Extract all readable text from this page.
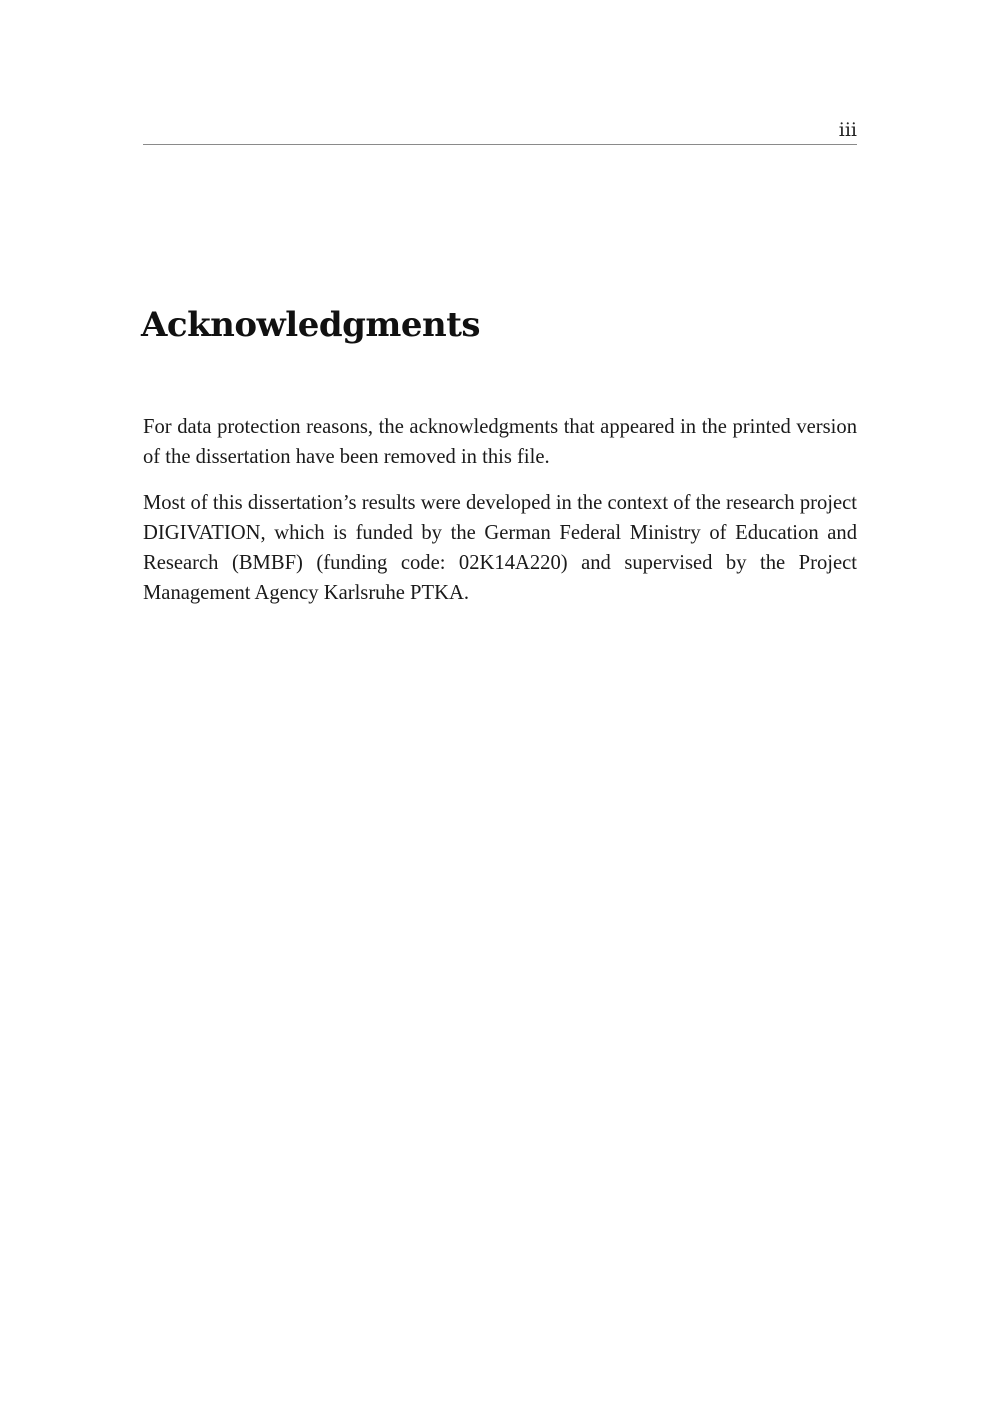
iii
Acknowledgments

For data protection reasons, the acknowledgments that appeared in the printed version of the dissertation have been removed in this file.

Most of this dissertation’s results were developed in the context of the research project DIGIVATION, which is funded by the German Federal Ministry of Education and Research (BMBF) (funding code: 02K14A220) and supervised by the Project Management Agency Karlsruhe PTKA.
